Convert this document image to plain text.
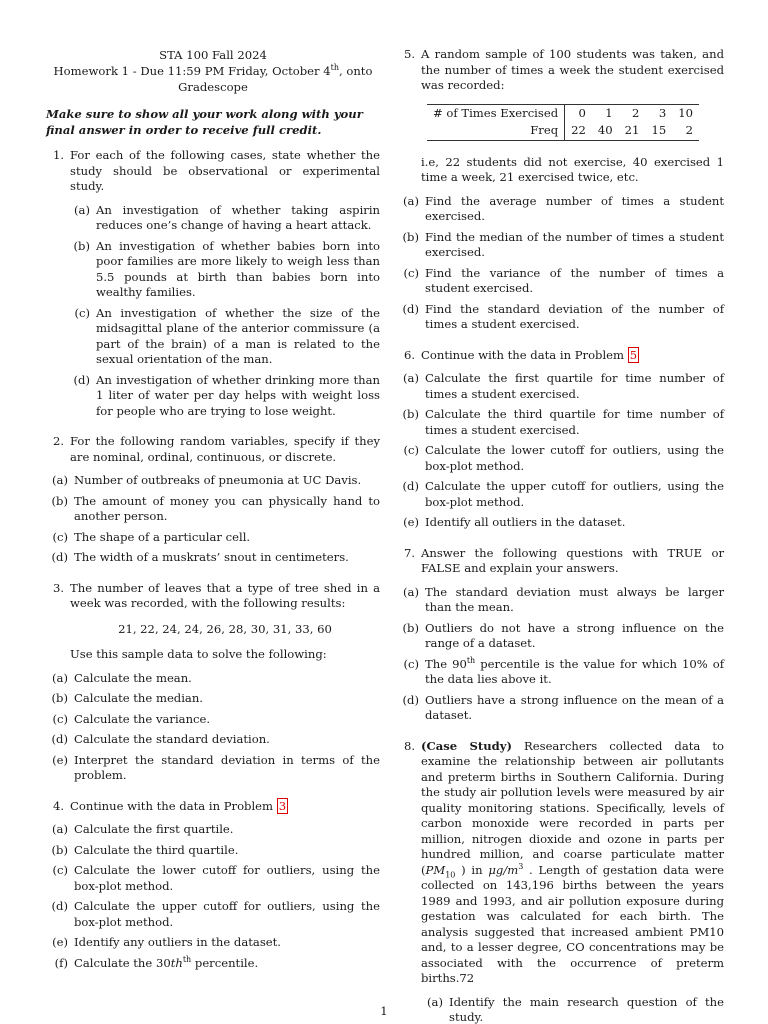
STA 100 Fall 2024
Homework 1 - Due 11:59 PM Friday, October 4th, onto
Gradescope
Make sure to show all your work along with your final answer in order to receive full credit.
1. For each of the following cases, state whether the study should be observational or experimental study.
(a) An investigation of whether taking aspirin reduces one’s change of having a heart attack.
(b) An investigation of whether babies born into poor families are more likely to weigh less than 5.5 pounds at birth than babies born into wealthy families.
(c) An investigation of whether the size of the midsagittal plane of the anterior commissure (a part of the brain) of a man is related to the sexual orientation of the man.
(d) An investigation of whether drinking more than 1 liter of water per day helps with weight loss for people who are trying to lose weight.
2. For the following random variables, specify if they are nominal, ordinal, continuous, or discrete.
(a) Number of outbreaks of pneumonia at UC Davis.
(b) The amount of money you can physically hand to another person.
(c) The shape of a particular cell.
(d) The width of a muskrats’ snout in centimeters.
3. The number of leaves that a type of tree shed in a week was recorded, with the following results:
21, 22, 24, 24, 26, 28, 30, 31, 33, 60
Use this sample data to solve the following:
(a) Calculate the mean.
(b) Calculate the median.
(c) Calculate the variance.
(d) Calculate the standard deviation.
(e) Interpret the standard deviation in terms of the problem.
4. Continue with the data in Problem 3
(a) Calculate the first quartile.
(b) Calculate the third quartile.
(c) Calculate the lower cutoff for outliers, using the box-plot method.
(d) Calculate the upper cutoff for outliers, using the box-plot method.
(e) Identify any outliers in the dataset.
(f) Calculate the $30th^{th}$ percentile.
5. A random sample of 100 students was taken, and the number of times a week the student exercised was recorded:
# of Times Exercised	0	1	2	3	10
Freq	22	40	21	15	2
i.e, 22 students did not exercise, 40 exercised 1 time a week, 21 exercised twice, etc.
(a) Find the average number of times a student exercised.
(b) Find the median of the number of times a student exercised.
(c) Find the variance of the number of times a student exercised.
(d) Find the standard deviation of the number of times a student exercised.
6. Continue with the data in Problem 5
(a) Calculate the first quartile for time number of times a student exercised.
(b) Calculate the third quartile for time number of times a student exercised.
(c) Calculate the lower cutoff for outliers, using the box-plot method.
(d) Calculate the upper cutoff for outliers, using the box-plot method.
(e) Identify all outliers in the dataset.
7. Answer the following questions with TRUE or FALSE and explain your answers.
(a) The standard deviation must always be larger than the mean.
(b) Outliers do not have a strong influence on the range of a dataset.
(c) The 90th percentile is the value for which 10% of the data lies above it.
(d) Outliers have a strong influence on the mean of a dataset.
8. (Case Study) Researchers collected data to examine the relationship between air pollutants and preterm births in Southern California. During the study air pollution levels were measured by air quality monitoring stations. Specifically, levels of carbon monoxide were recorded in parts per million, nitrogen dioxide and ozone in parts per hundred million, and coarse particulate matter ($PM_{10}$ ) in $\mu g/m^3$ . Length of gestation data were collected on 143,196 births between the years 1989 and 1993, and air pollution exposure during gestation was calculated for each birth. The analysis suggested that increased ambient PM10 and, to a lesser degree, CO concentrations may be associated with the occurrence of preterm births.72
(a) Identify the main research question of the study.
1
